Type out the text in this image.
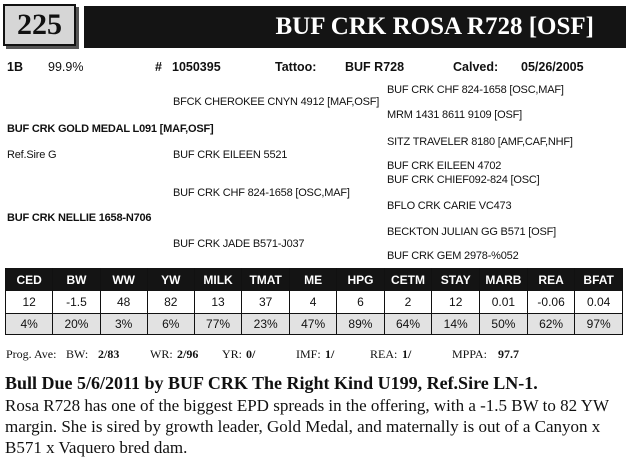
225	BUF CRK ROSA R728 [OSF]
1B 99.9%	# 1050395	Tattoo: BUF R728	Calved: 05/26/2005
BUF CRK CHF 824-1658 [OSC,MAF]
BFCK CHEROKEE CNYN 4912 [MAF,OSF]
MRM 1431 8611 9109 [OSF]
BUF CRK GOLD MEDAL L091 [MAF,OSF]
SITZ TRAVELER 8180 [AMF,CAF,NHF]
Ref.Sire G	BUF CRK EILEEN 5521
BUF CRK EILEEN 4702
BUF CRK CHIEF092-824 [OSC]
BUF CRK CHF 824-1658 [OSC,MAF]
BFLO CRK CARIE VC473
BUF CRK NELLIE 1658-N706
BECKTON JULIAN GG B571 [OSF]
BUF CRK JADE B571-J037
BUF CRK GEM 2978-%052
CED	BW	WW	YW	MILK	TMAT	ME	HPG	CETM	STAY	MARB	REA	BFAT
12	-1.5	48	82	13	37	4	6	2	12	0.01	-0.06	0.04
4%	20%	3%	6%	77%	23%	47%	89%	64%	14%	50%	62%	97%
Prog. Ave: BW: 2/83	WR: 2/96 YR: 0/	IMF: 1/	REA: 1/	MPPA: 97.7
Bull Due 5/6/2011 by BUF CRK The Right Kind U199, Ref.Sire LN-1.
Rosa R728 has one of the biggest EPD spreads in the offering, with a -1.5 BW to 82 YW margin. She is sired by growth leader, Gold Medal, and maternally is out of a Canyon x B571 x Vaquero bred dam.
